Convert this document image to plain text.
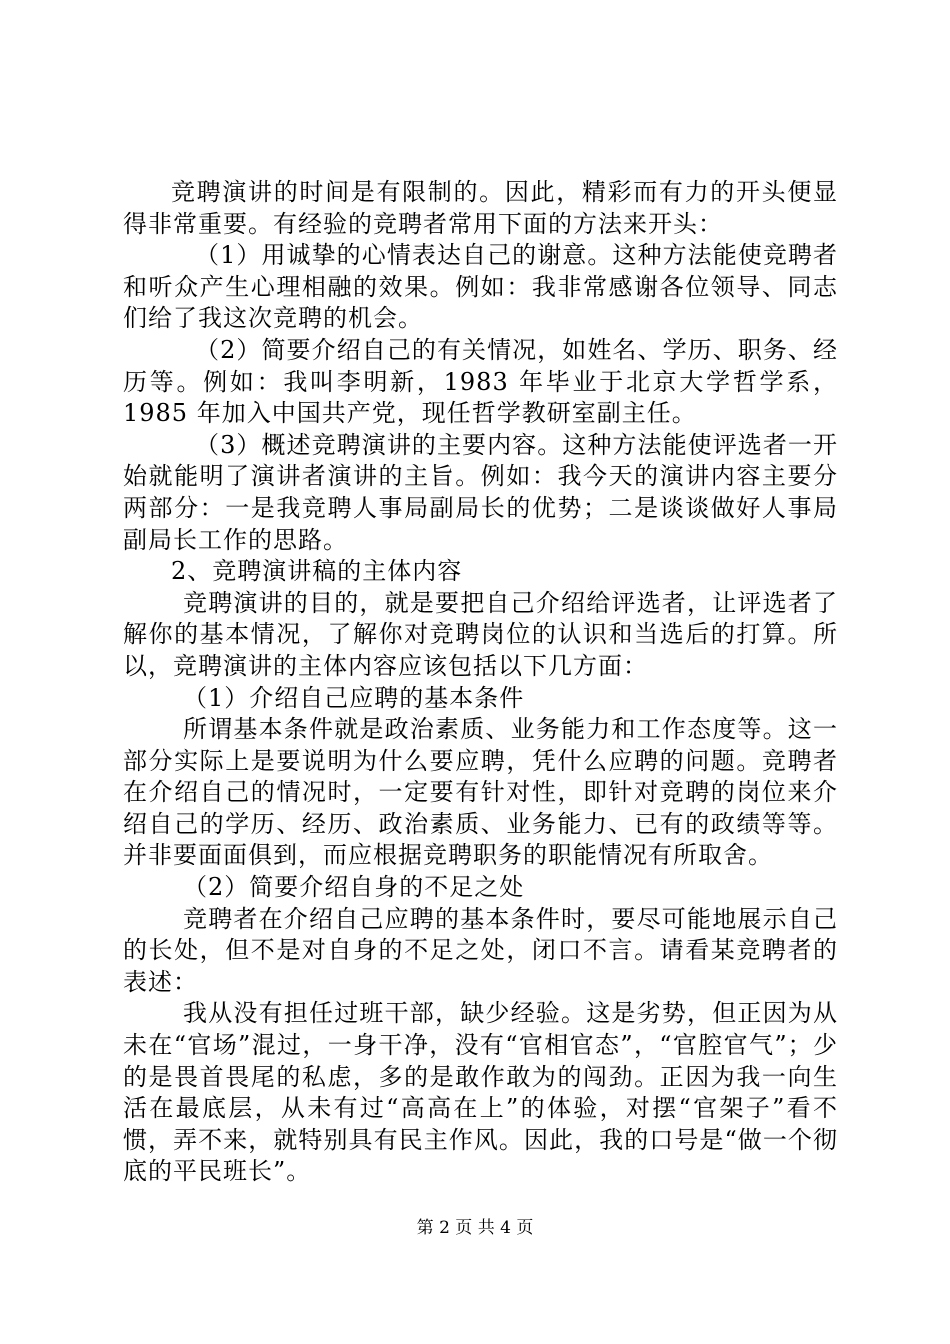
竞聘演讲的时间是有限制的。因此，精彩而有力的开头便显得非常重要。有经验的竞聘者常用下面的方法来开头：

（1）用诚挚的心情表达自己的谢意。这种方法能使竞聘者和听众产生心理相融的效果。例如：我非常感谢各位领导、同志们给了我这次竞聘的机会。

（2）简要介绍自己的有关情况，如姓名、学历、职务、经历等。例如：我叫李明新，1983 年毕业于北京大学哲学系，1985 年加入中国共产党，现任哲学教研室副主任。

（3）概述竞聘演讲的主要内容。这种方法能使评选者一开始就能明了演讲者演讲的主旨。例如：我今天的演讲内容主要分两部分：一是我竞聘人事局副局长的优势；二是谈谈做好人事局副局长工作的思路。

2、竞聘演讲稿的主体内容

竞聘演讲的目的，就是要把自己介绍给评选者，让评选者了解你的基本情况，了解你对竞聘岗位的认识和当选后的打算。所以，竞聘演讲的主体内容应该包括以下几方面：

（1）介绍自己应聘的基本条件

所谓基本条件就是政治素质、业务能力和工作态度等。这一部分实际上是要说明为什么要应聘，凭什么应聘的问题。竞聘者在介绍自己的情况时，一定要有针对性，即针对竞聘的岗位来介绍自己的学历、经历、政治素质、业务能力、已有的政绩等等。并非要面面俱到，而应根据竞聘职务的职能情况有所取舍。

（2）简要介绍自身的不足之处

竞聘者在介绍自己应聘的基本条件时，要尽可能地展示自己的长处，但不是对自身的不足之处，闭口不言。请看某竞聘者的表述：

我从没有担任过班干部，缺少经验。这是劣势，但正因为从未在“官场”混过，一身干净，没有“官相官态”，“官腔官气”；少的是畏首畏尾的私虑，多的是敢作敢为的闯劲。正因为我一向生活在最底层，从未有过“高高在上”的体验，对摆“官架子”看不惯，弄不来，就特别具有民主作风。因此，我的口号是“做一个彻底的平民班长”。

第 2 页 共 4 页
